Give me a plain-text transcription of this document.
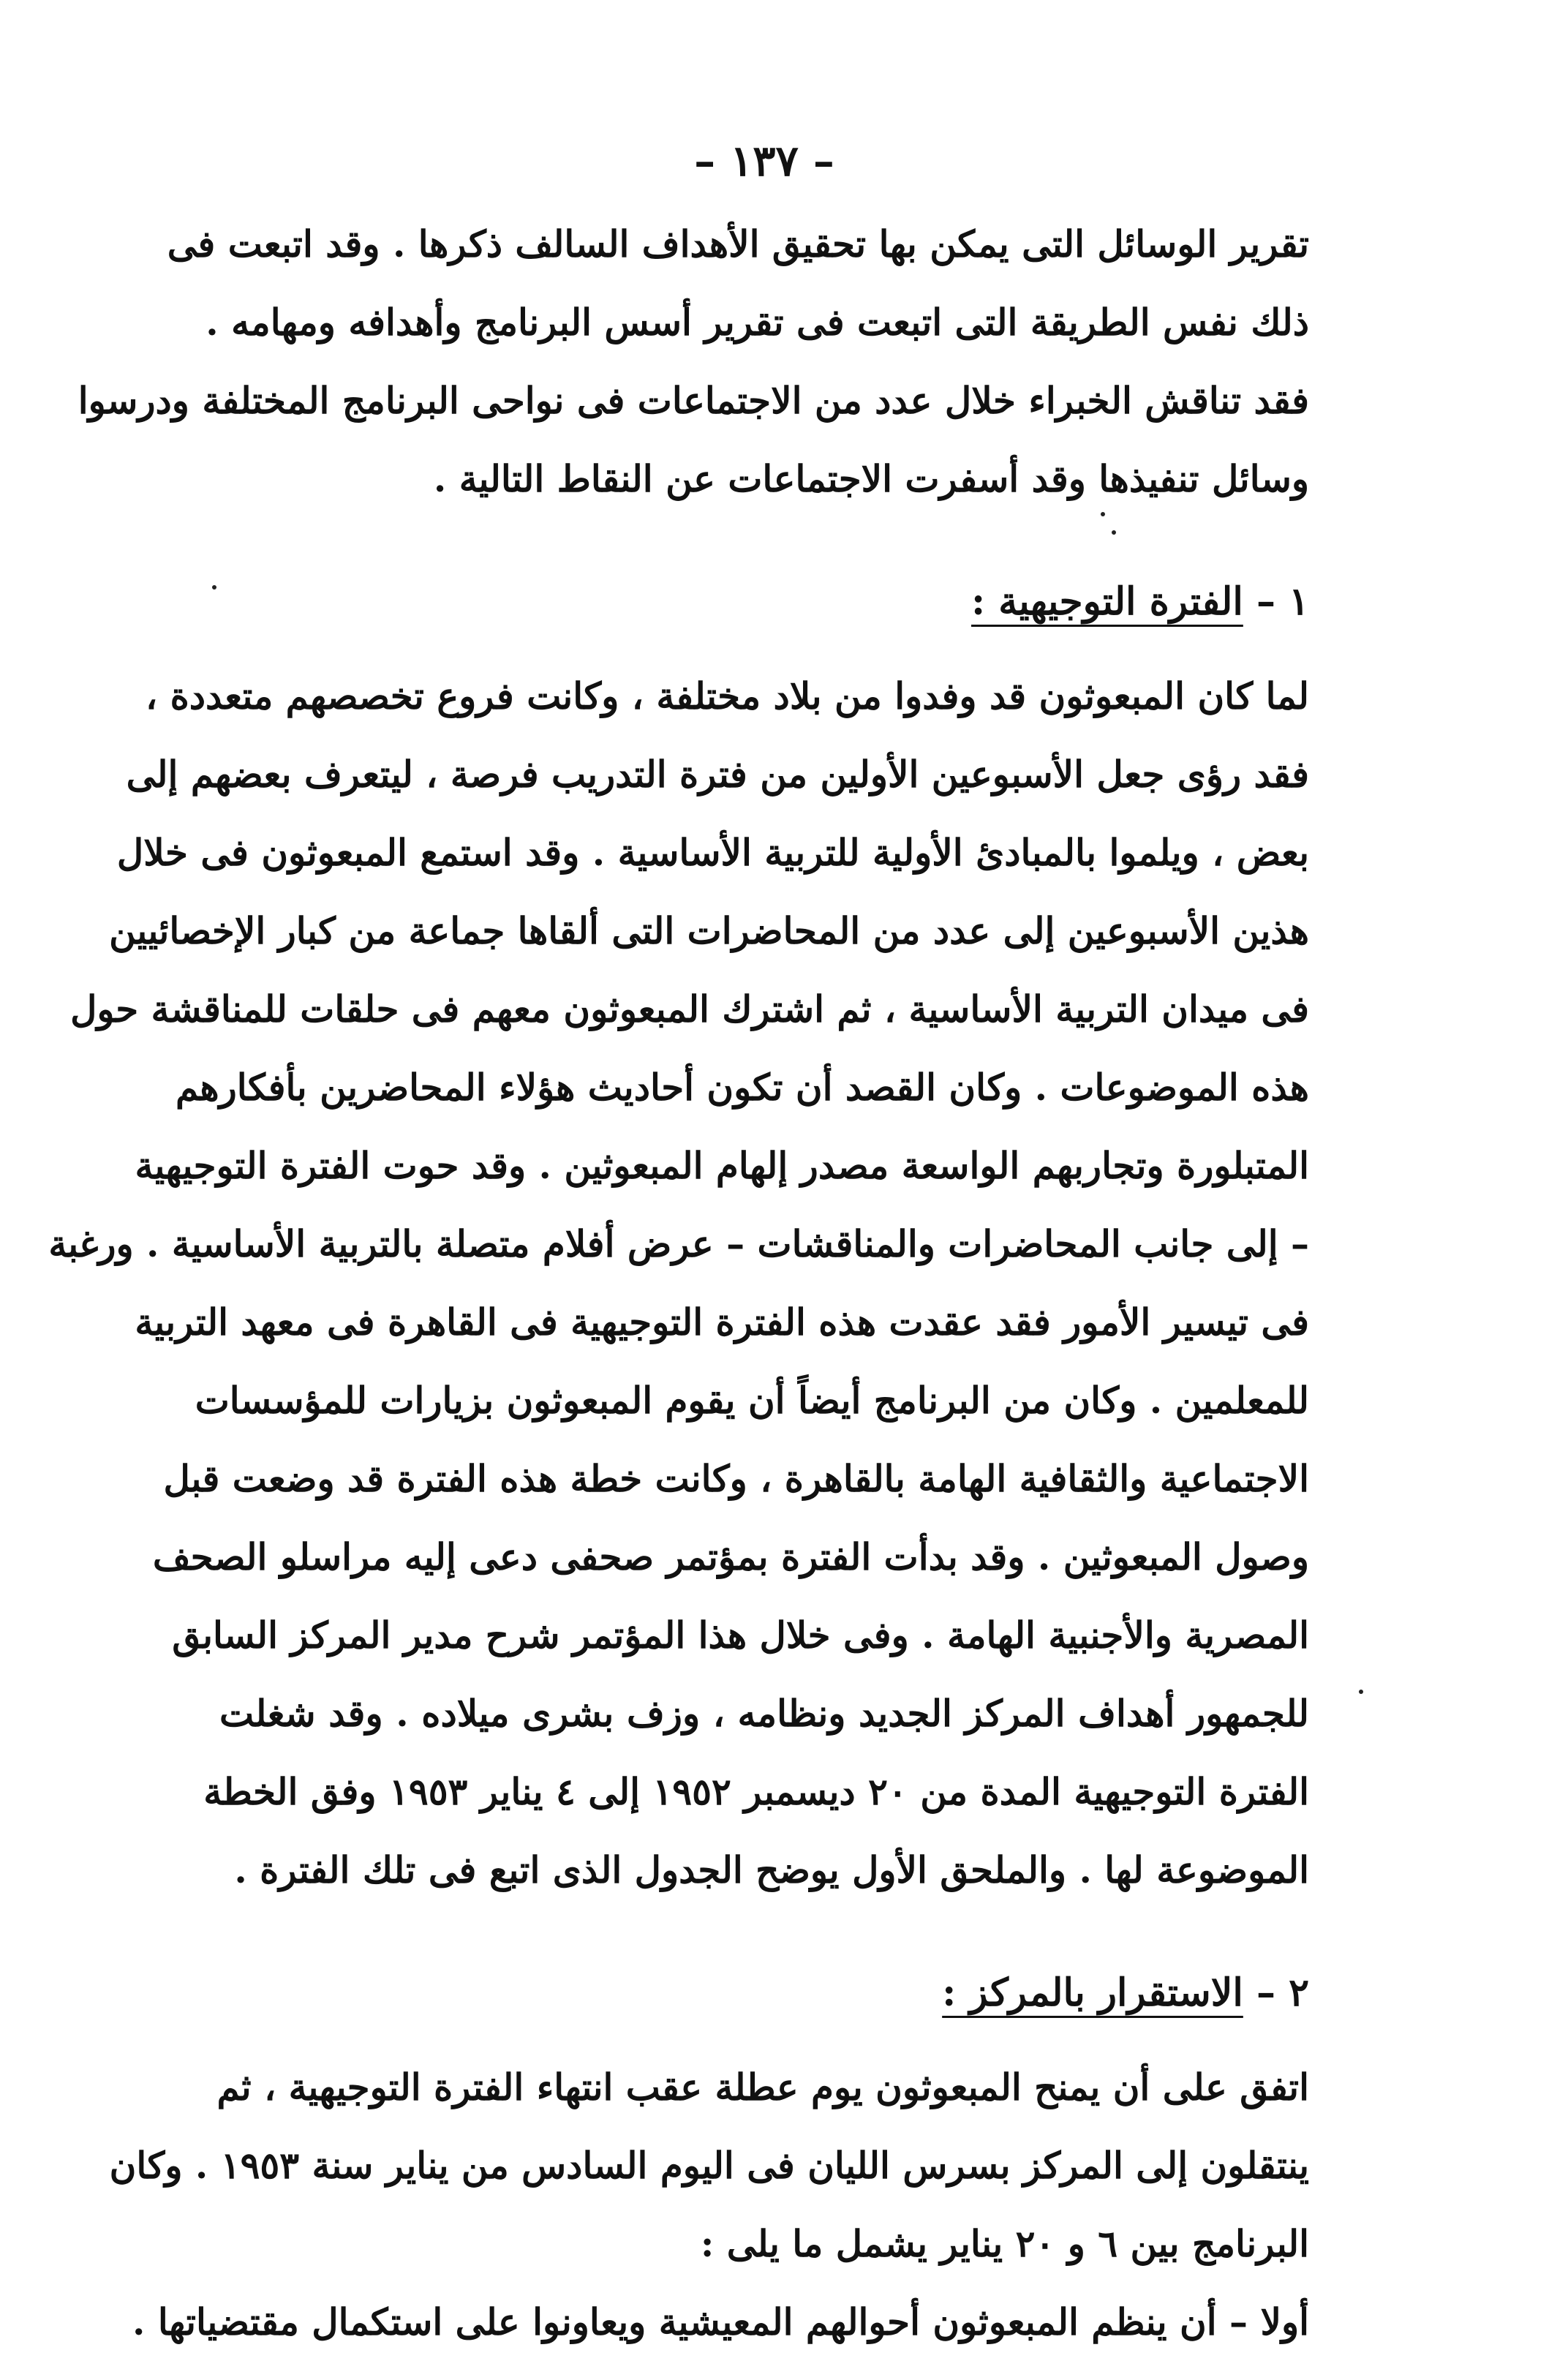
– ١٣٧ –
تقرير الوسائل التى يمكن بها تحقيق الأهداف السالف ذكرها . وقد اتبعت فى
ذلك نفس الطريقة التى اتبعت فى تقرير أسس البرنامج وأهدافه ومهامه .
فقد تناقش الخبراء خلال عدد من الاجتماعات فى نواحى البرنامج المختلفة ودرسوا
وسائل تنفيذها وقد أسفرت الاجتماعات عن النقاط التالية .
١ – الفترة التوجيهية :
لما كان المبعوثون قد وفدوا من بلاد مختلفة ، وكانت فروع تخصصهم متعددة ،
فقد رؤى جعل الأسبوعين الأولين من فترة التدريب فرصة ، ليتعرف بعضهم إلى
بعض ، ويلموا بالمبادئ الأولية للتربية الأساسية . وقد استمع المبعوثون فى خلال
هذين الأسبوعين إلى عدد من المحاضرات التى ألقاها جماعة من كبار الإخصائيين
فى ميدان التربية الأساسية ، ثم اشترك المبعوثون معهم فى حلقات للمناقشة حول
هذه الموضوعات . وكان القصد أن تكون أحاديث هؤلاء المحاضرين بأفكارهم
المتبلورة وتجاربهم الواسعة مصدر إلهام المبعوثين . وقد حوت الفترة التوجيهية
– إلى جانب المحاضرات والمناقشات – عرض أفلام متصلة بالتربية الأساسية . ورغبة
فى تيسير الأمور فقد عقدت هذه الفترة التوجيهية فى القاهرة فى معهد التربية
للمعلمين . وكان من البرنامج أيضاً أن يقوم المبعوثون بزيارات للمؤسسات
الاجتماعية والثقافية الهامة بالقاهرة ، وكانت خطة هذه الفترة قد وضعت قبل
وصول المبعوثين . وقد بدأت الفترة بمؤتمر صحفى دعى إليه مراسلو الصحف
المصرية والأجنبية الهامة . وفى خلال هذا المؤتمر شرح مدير المركز السابق
للجمهور أهداف المركز الجديد ونظامه ، وزف بشرى ميلاده . وقد شغلت
الفترة التوجيهية المدة من ٢٠ ديسمبر ١٩٥٢ إلى ٤ يناير ١٩٥٣ وفق الخطة
الموضوعة لها . والملحق الأول يوضح الجدول الذى اتبع فى تلك الفترة .
٢ – الاستقرار بالمركز :
اتفق على أن يمنح المبعوثون يوم عطلة عقب انتهاء الفترة التوجيهية ، ثم
ينتقلون إلى المركز بسرس الليان فى اليوم السادس من يناير سنة ١٩٥٣ . وكان
البرنامج بين ٦ و ٢٠ يناير يشمل ما يلى :
أولا – أن ينظم المبعوثون أحوالهم المعيشية ويعاونوا على استكمال مقتضياتها .
